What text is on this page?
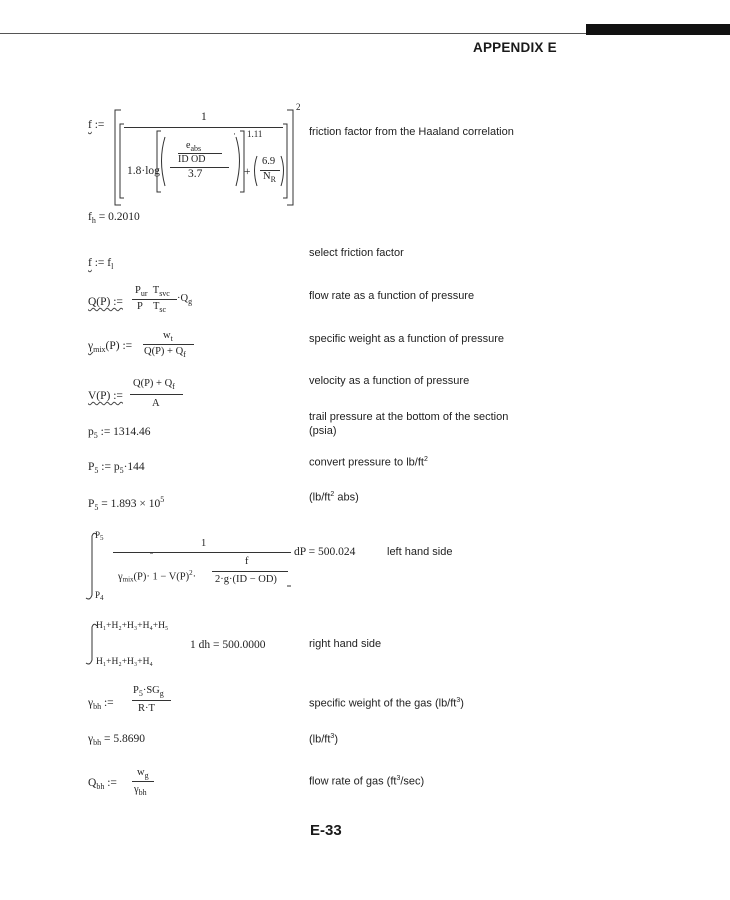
APPENDIX E
f :=
1
2
1.11
·
$e_{abs}$
ID OD
3.7
1.8·log	+
6.9
$N_R$
friction factor from the Haaland correlation
$f_h = 0.2010$
f := $f_l$
select friction factor
Q(P) :=
$P_{ur}$ $T_{svc}$
P $T_{sc}$
$\cdot Q_g$	flow rate as a function of pressure
$\gamma_{mix}(P)$ :=
$w_t$
$Q(P) + Q_f$
specific weight as a function of pressure
V(P) :=
$Q(P) + Q_f$
A
velocity as a function of pressure
$p_5$ := 1314.46
trail pressure at the bottom of the section
(psia)
$P_5$ := $p_5\cdot 144$	convert pressure to $lb/ft^2$
$P_5 = 1.893 \times 10^5$	($lb/ft^2$ abs)
$P_5$
$P_4$
1
$\gamma mix(P)\cdot 1 - V(P)^2\cdot$
f
2·g·(ID − OD)
dP = 500.024	left hand side
H₁+H₂+H₃+H₄+H₅
H₁+H₂+H₃+H₄
1 dh = 500.0000	right hand side
$\gamma_{bh}$ :=
$P_5\cdot SG_g$
R·T	specific weight of the gas $(lb/ft^3)$
$\gamma_{bh} = 5.8690$	$(lb/ft^3)$
$Q_{bh}$ :=
$w_g$
$\gamma_{bh}$
flow rate of gas $(ft^3/\sec)$
E-33
